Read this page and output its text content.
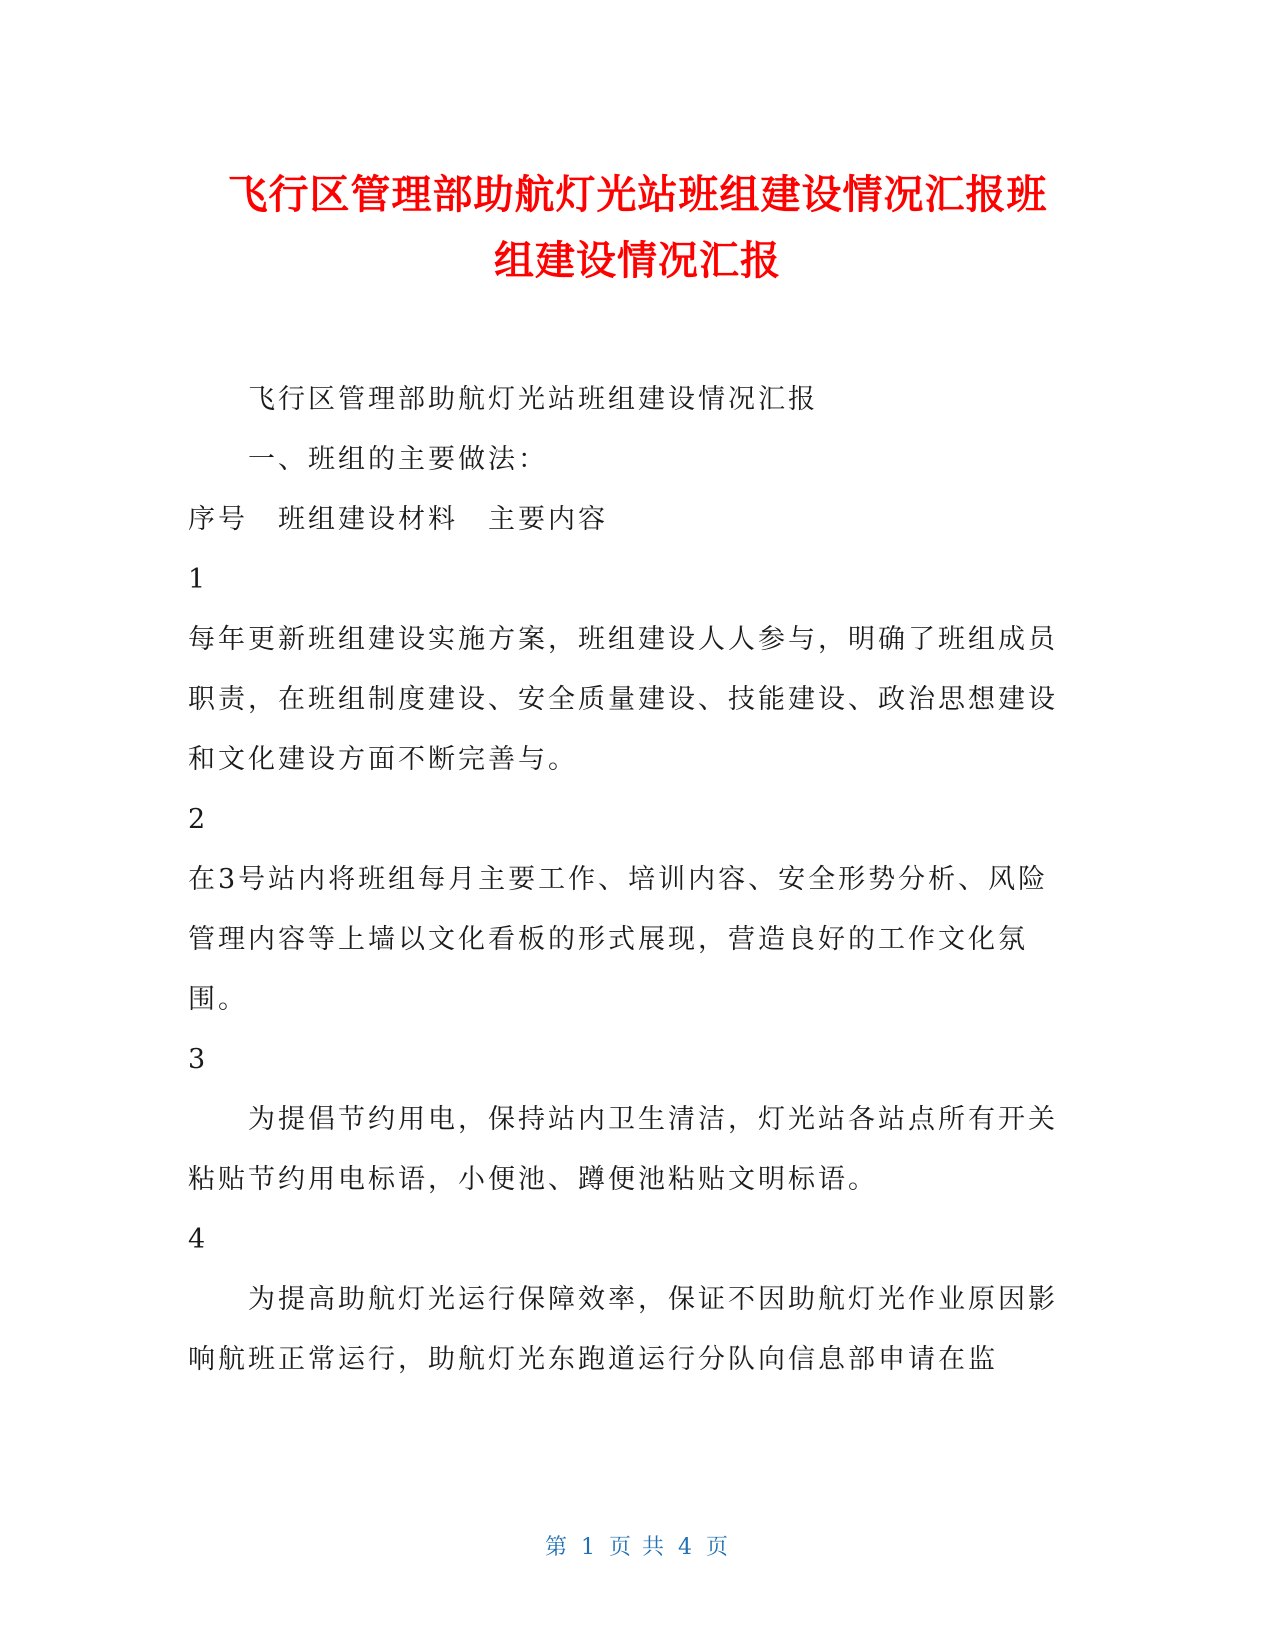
飞行区管理部助航灯光站班组建设情况汇报班
组建设情况汇报

飞行区管理部助航灯光站班组建设情况汇报

一、班组的主要做法：

序号 班组建设材料 主要内容

1

每年更新班组建设实施方案，班组建设人人参与，明确了班组成员职责，在班组制度建设、安全质量建设、技能建设、政治思想建设和文化建设方面不断完善与。

2

在3号站内将班组每月主要工作、培训内容、安全形势分析、风险管理内容等上墙以文化看板的形式展现，营造良好的工作文化氛围。

3

为提倡节约用电，保持站内卫生清洁，灯光站各站点所有开关粘贴节约用电标语，小便池、蹲便池粘贴文明标语。

4

为提高助航灯光运行保障效率，保证不因助航灯光作业原因影响航班正常运行，助航灯光东跑道运行分队向信息部申请在监

第 1 页 共 4 页
